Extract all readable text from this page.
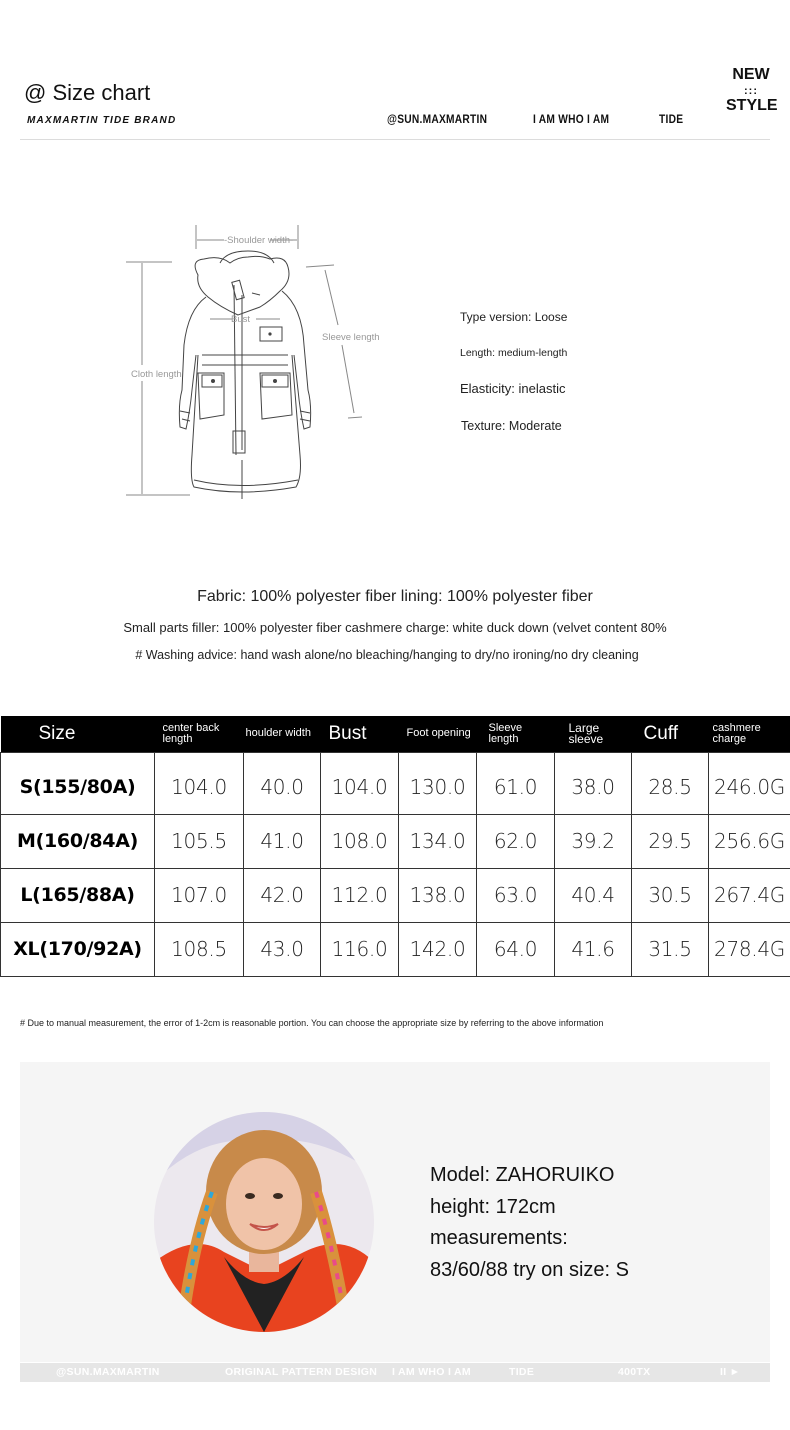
@ Size chart
MAXMARTIN TIDE BRAND	@SUN.MAXMARTIN	I AM WHO I AM	TIDE
NEW
:::
STYLE
-Shoulder width-
Bust
Sleeve length
Cloth length
Type version: Loose
Length: medium-length
Elasticity: inelastic
Texture: Moderate
Fabric: 100% polyester fiber lining: 100% polyester fiber
Small parts filler: 100% polyester fiber cashmere charge: white duck down (velvet content 80%
# Washing advice: hand wash alone/no bleaching/hanging to dry/no ironing/no dry cleaning
Size	center back length	houlder width	Bust	Foot opening	Sleeve length	Large sleeve	Cuff	cashmere charge
S(155/80A)	104.0	40.0	104.0	130.0	61.0	38.0	28.5	246.0G
M(160/84A)	105.5	41.0	108.0	134.0	62.0	39.2	29.5	256.6G
L(165/88A)	107.0	42.0	112.0	138.0	63.0	40.4	30.5	267.4G
XL(170/92A)	108.5	43.0	116.0	142.0	64.0	41.6	31.5	278.4G
# Due to manual measurement, the error of 1-2cm is reasonable portion. You can choose the appropriate size by referring to the above information
Model: ZAHORUIKO
height: 172cm
measurements:
83/60/88 try on size: S
@SUN.MAXMARTIN	ORIGINAL PATTERN DESIGN I AM WHO I AM	TIDE	400TX	II ►
